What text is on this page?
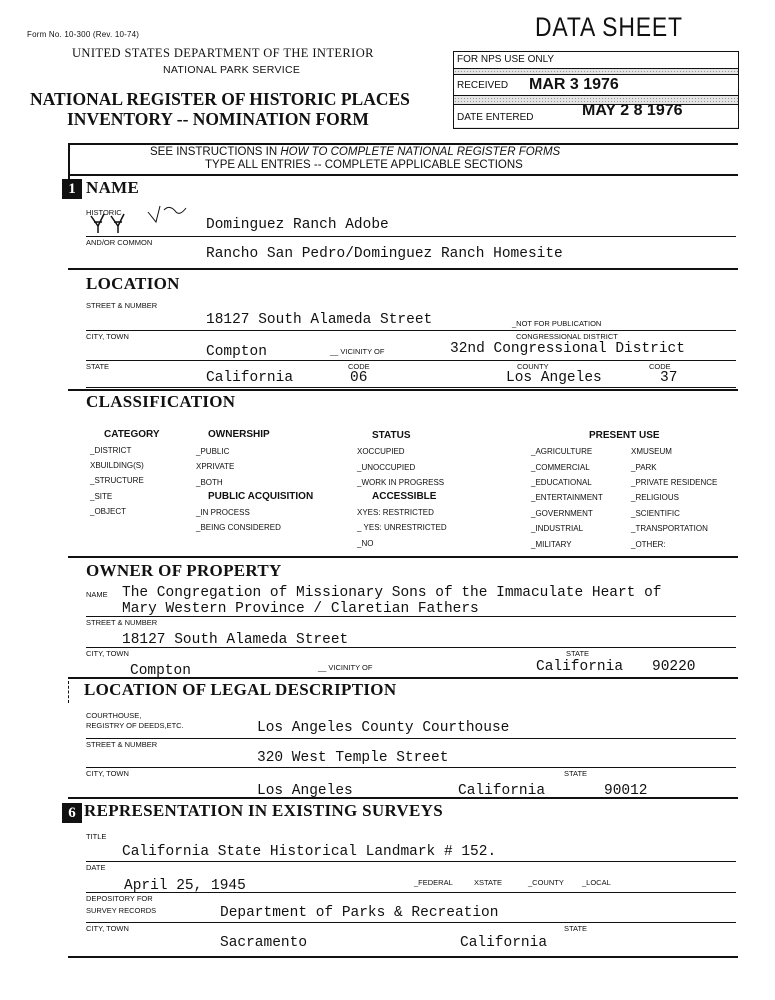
Form No. 10-300 (Rev. 10-74)
UNITED STATES DEPARTMENT OF THE INTERIOR
NATIONAL PARK SERVICE
NATIONAL REGISTER OF HISTORIC PLACES
INVENTORY -- NOMINATION FORM
DATA SHEET
FOR NPS USE ONLY
RECEIVED MAR 3 1976
DATE ENTERED	MAY 2 8 1976
SEE INSTRUCTIONS IN HOW TO COMPLETE NATIONAL REGISTER FORMS
TYPE ALL ENTRIES -- COMPLETE APPLICABLE SECTIONS
1 NAME
HISTORIC
Dominguez Ranch Adobe
AND/OR COMMON
Rancho San Pedro/Dominguez Ranch Homesite
LOCATION
STREET & NUMBER
18127 South Alameda Street	_NOT FOR PUBLICATION
CITY, TOWN	CONGRESSIONAL DISTRICT
Compton	__ VICINITY OF	32nd Congressional District
STATE	CODE	COUNTY	CODE
California	06	Los Angeles	37
CLASSIFICATION
CATEGORY
_DISTRICT
XBUILDING(S)
_STRUCTURE
_SITE
_OBJECT
OWNERSHIP
_PUBLIC
XPRIVATE
_BOTH
PUBLIC ACQUISITION
_IN PROCESS
_BEING CONSIDERED
STATUS
XOCCUPIED
_UNOCCUPIED
_WORK IN PROGRESS
ACCESSIBLE
XYES: RESTRICTED
_ YES: UNRESTRICTED
_NO
PRESENT USE
_AGRICULTURE
_COMMERCIAL
_EDUCATIONAL
_ENTERTAINMENT
_GOVERNMENT
_INDUSTRIAL
_MILITARY
XMUSEUM
_PARK
_PRIVATE RESIDENCE
_RELIGIOUS
_SCIENTIFIC
_TRANSPORTATION
_OTHER:
OWNER OF PROPERTY
NAME The Congregation of Missionary Sons of the Immaculate Heart of
Mary Western Province / Claretian Fathers
STREET & NUMBER
18127 South Alameda Street
CITY, TOWN	STATE
Compton	__ VICINITY OF	California 90220
LOCATION OF LEGAL DESCRIPTION
COURTHOUSE,
REGISTRY OF DEEDS,ETC.	Los Angeles County Courthouse
STREET & NUMBER
320 West Temple Street
CITY, TOWN	STATE
Los Angeles	California	90012
6 REPRESENTATION IN EXISTING SURVEYS
TITLE
California State Historical Landmark # 152.
DATE
April 25, 1945	_FEDERAL	XSTATE	_COUNTY _LOCAL
DEPOSITORY FOR
SURVEY RECORDS	Department of Parks & Recreation
CITY, TOWN	STATE
Sacramento	California
